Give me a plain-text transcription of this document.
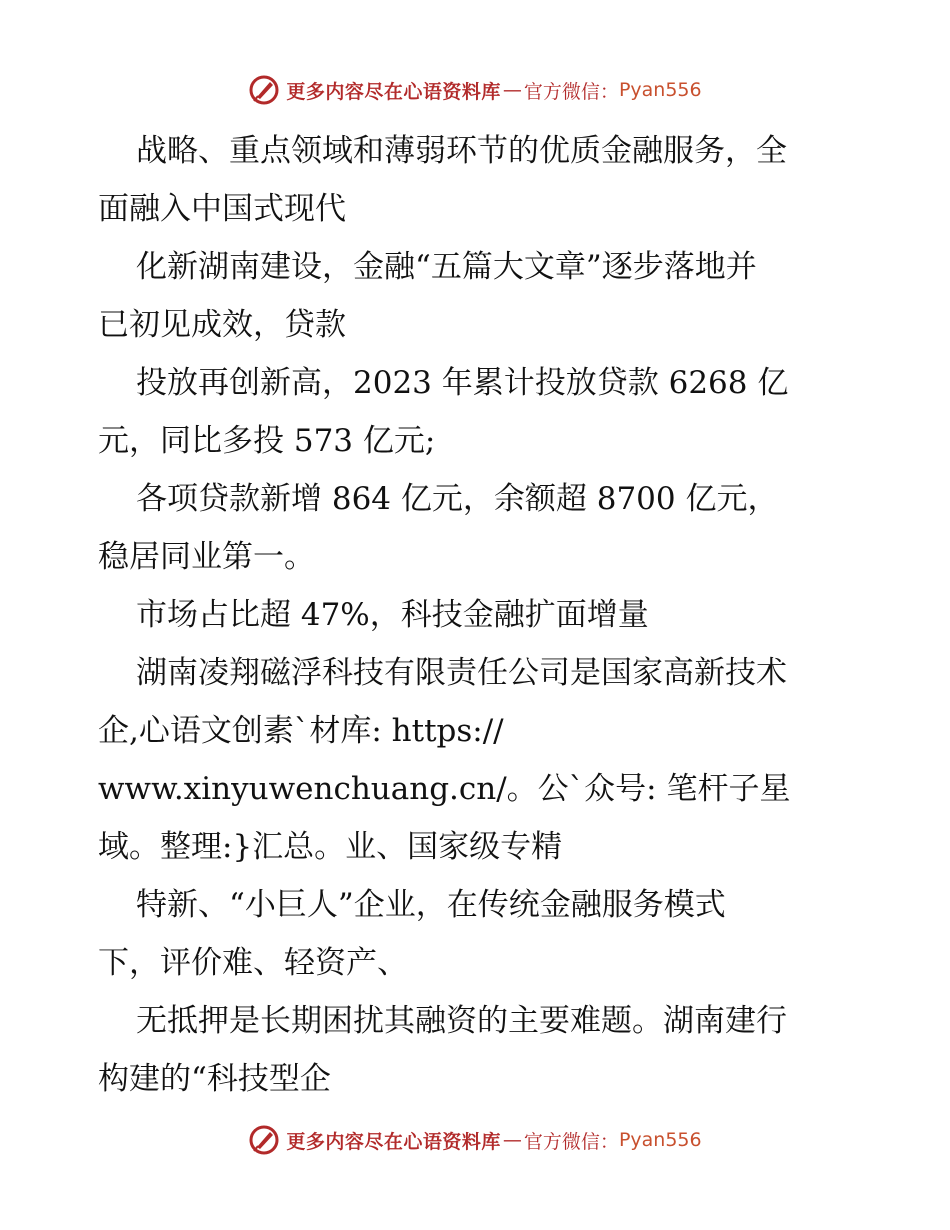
更多内容尽在心语资料库 — 官方微信： Pyan556
战略、重点领域和薄弱环节的优质金融服务，全
面融入中国式现代
化新湖南建设，金融“五篇大文章”逐步落地并
已初见成效，贷款
投放再创新高，2023 年累计投放贷款 6268 亿
元，同比多投 573 亿元;
各项贷款新增 864 亿元，余额超 8700 亿元，
稳居同业第一。
市场占比超 47%，科技金融扩面增量
湖南凌翔磁浮科技有限责任公司是国家高新技术
企,心语文创素`材库: https://
www.xinyuwenchuang.cn/。公`众号: 笔杆子星
域。整理:}汇总。业、国家级专精
特新、“小巨人”企业，在传统金融服务模式
下，评价难、轻资产、
无抵押是长期困扰其融资的主要难题。湖南建行
构建的“科技型企
更多内容尽在心语资料库 — 官方微信： Pyan556
